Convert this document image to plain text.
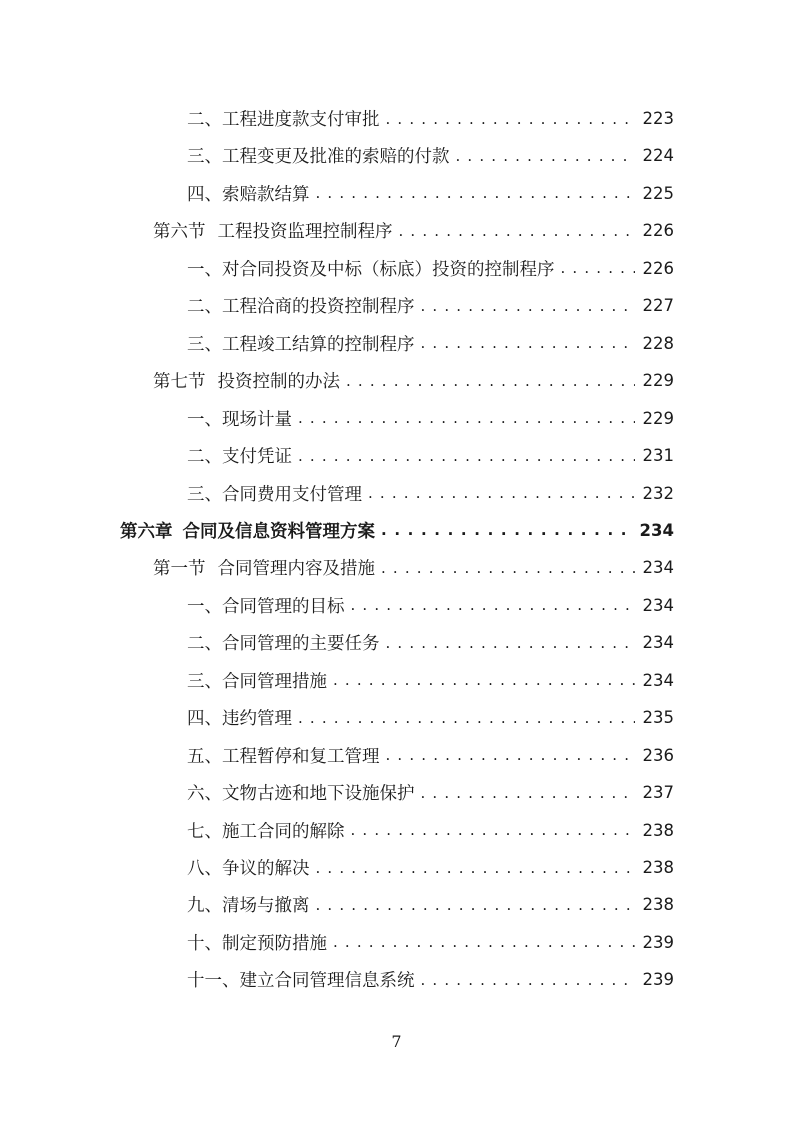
二、 工程进度款支付审批 . . .	223
三、 工程变更及批准的索赔的付款 . . .	224
四、 索赔款结算 . . .	225
第六节 工程投资监理控制程序 . . .	226
一、 对合同投资及中标（标底）投资的控制程序 . . .	226
二、 工程洽商的投资控制程序 . . .	227
三、 工程竣工结算的控制程序 . . .	228
第七节 投资控制的办法 . . .	229
一、 现场计量 . . .	229
二、 支付凭证 . . .	231
三、 合同费用支付管理 . . .	232
第六章 合同及信息资料管理方案 . . .	234
第一节 合同管理内容及措施 . . .	234
一、 合同管理的目标 . . .	234
二、 合同管理的主要任务 . . .	234
三、 合同管理措施 . . .	234
四、 违约管理 . . .	235
五、 工程暂停和复工管理 . . .	236
六、 文物古迹和地下设施保护 . . .	237
七、 施工合同的解除 . . .	238
八、 争议的解决 . . .	238
九、 清场与撤离 . . .	238
十、 制定预防措施 . . .	239
十一、 建立合同管理信息系统 . . .	239
7
